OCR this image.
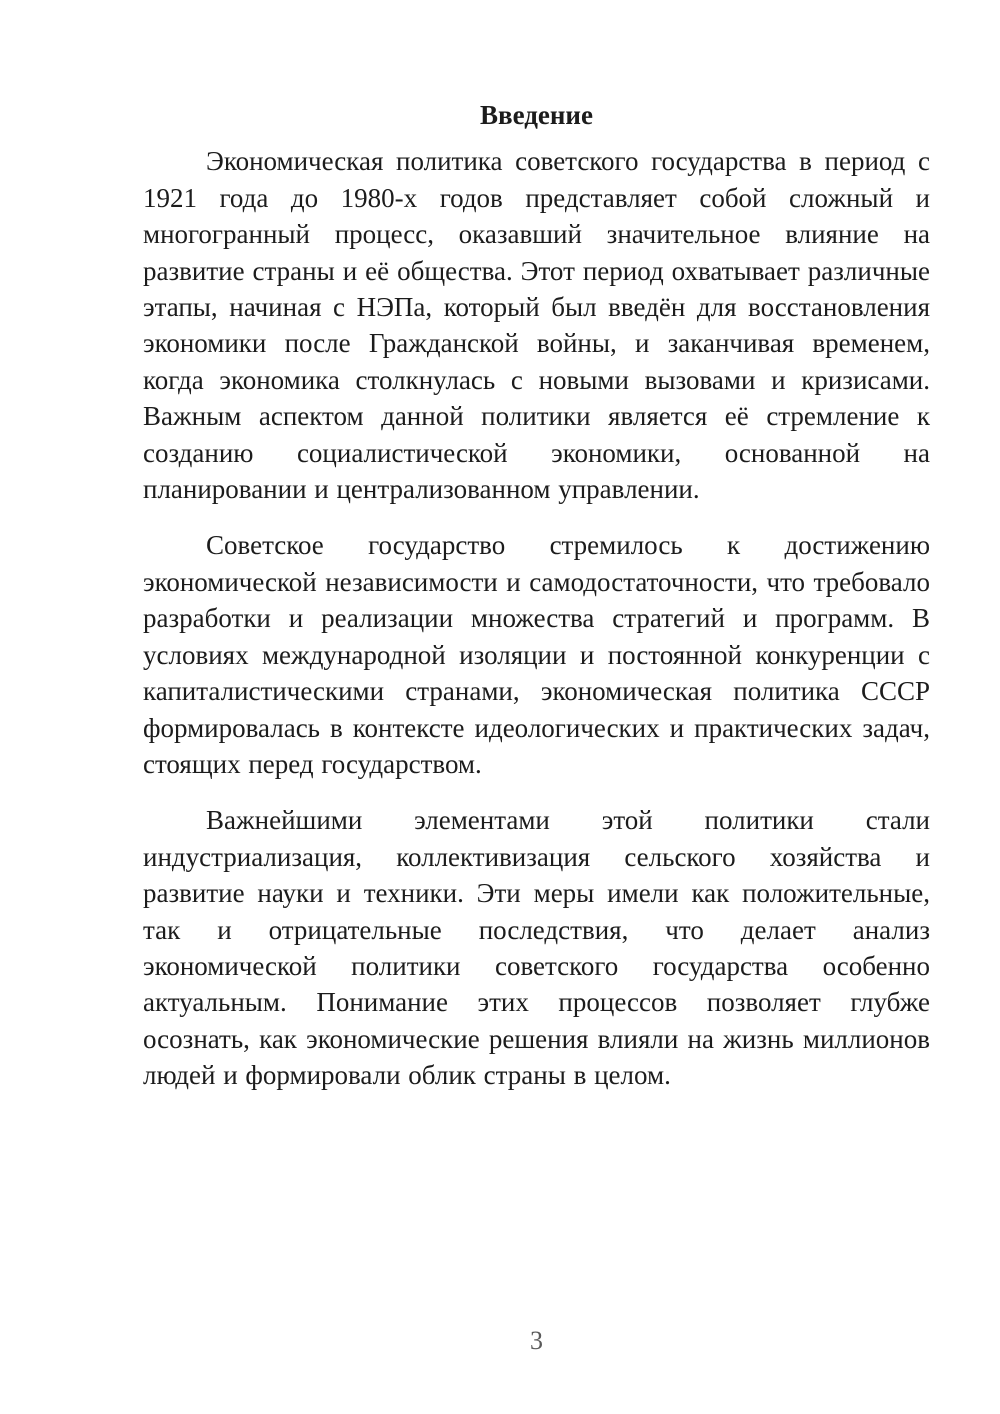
Введение

Экономическая политика советского государства в период с 1921 года до 1980-х годов представляет собой сложный и многогранный процесс, оказавший значительное влияние на развитие страны и её общества. Этот период охватывает различные этапы, начиная с НЭПа, который был введён для восстановления экономики после Гражданской войны, и заканчивая временем, когда экономика столкнулась с новыми вызовами и кризисами. Важным аспектом данной политики является её стремление к созданию социалистической экономики, основанной на планировании и централизованном управлении.

Советское государство стремилось к достижению экономической независимости и самодостаточности, что требовало разработки и реализации множества стратегий и программ. В условиях международной изоляции и постоянной конкуренции с капиталистическими странами, экономическая политика СССР формировалась в контексте идеологических и практических задач, стоящих перед государством.

Важнейшими элементами этой политики стали индустриализация, коллективизация сельского хозяйства и развитие науки и техники. Эти меры имели как положительные, так и отрицательные последствия, что делает анализ экономической политики советского государства особенно актуальным. Понимание этих процессов позволяет глубже осознать, как экономические решения влияли на жизнь миллионов людей и формировали облик страны в целом.

3
